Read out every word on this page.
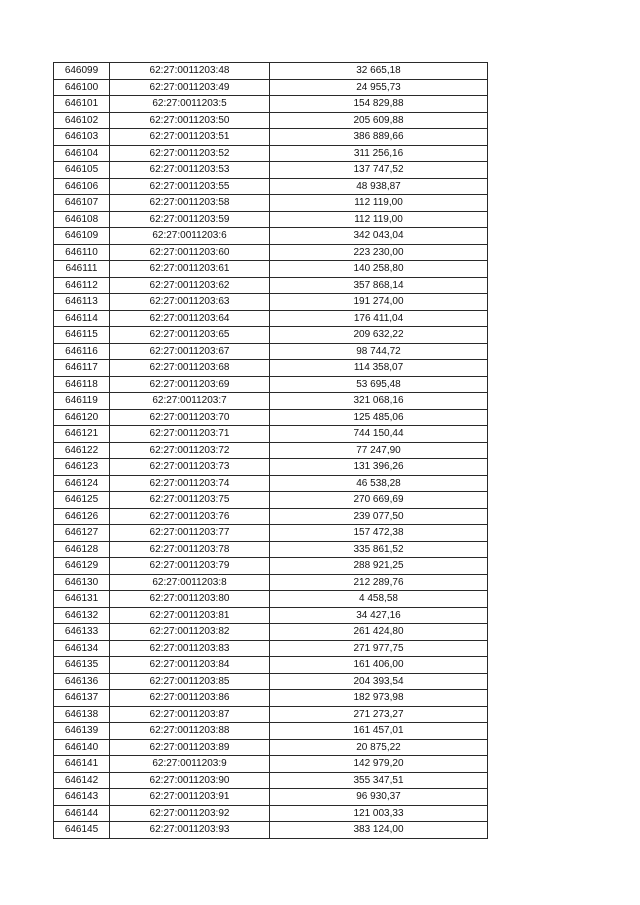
646099	62:27:0011203:48	32 665,18
646100	62:27:0011203:49	24 955,73
646101	62:27:0011203:5	154 829,88
646102	62:27:0011203:50	205 609,88
646103	62:27:0011203:51	386 889,66
646104	62:27:0011203:52	311 256,16
646105	62:27:0011203:53	137 747,52
646106	62:27:0011203:55	48 938,87
646107	62:27:0011203:58	112 119,00
646108	62:27:0011203:59	112 119,00
646109	62:27:0011203:6	342 043,04
646110	62:27:0011203:60	223 230,00
646111	62:27:0011203:61	140 258,80
646112	62:27:0011203:62	357 868,14
646113	62:27:0011203:63	191 274,00
646114	62:27:0011203:64	176 411,04
646115	62:27:0011203:65	209 632,22
646116	62:27:0011203:67	98 744,72
646117	62:27:0011203:68	114 358,07
646118	62:27:0011203:69	53 695,48
646119	62:27:0011203:7	321 068,16
646120	62:27:0011203:70	125 485,06
646121	62:27:0011203:71	744 150,44
646122	62:27:0011203:72	77 247,90
646123	62:27:0011203:73	131 396,26
646124	62:27:0011203:74	46 538,28
646125	62:27:0011203:75	270 669,69
646126	62:27:0011203:76	239 077,50
646127	62:27:0011203:77	157 472,38
646128	62:27:0011203:78	335 861,52
646129	62:27:0011203:79	288 921,25
646130	62:27:0011203:8	212 289,76
646131	62:27:0011203:80	4 458,58
646132	62:27:0011203:81	34 427,16
646133	62:27:0011203:82	261 424,80
646134	62:27:0011203:83	271 977,75
646135	62:27:0011203:84	161 406,00
646136	62:27:0011203:85	204 393,54
646137	62:27:0011203:86	182 973,98
646138	62:27:0011203:87	271 273,27
646139	62:27:0011203:88	161 457,01
646140	62:27:0011203:89	20 875,22
646141	62:27:0011203:9	142 979,20
646142	62:27:0011203:90	355 347,51
646143	62:27:0011203:91	96 930,37
646144	62:27:0011203:92	121 003,33
646145	62:27:0011203:93	383 124,00
